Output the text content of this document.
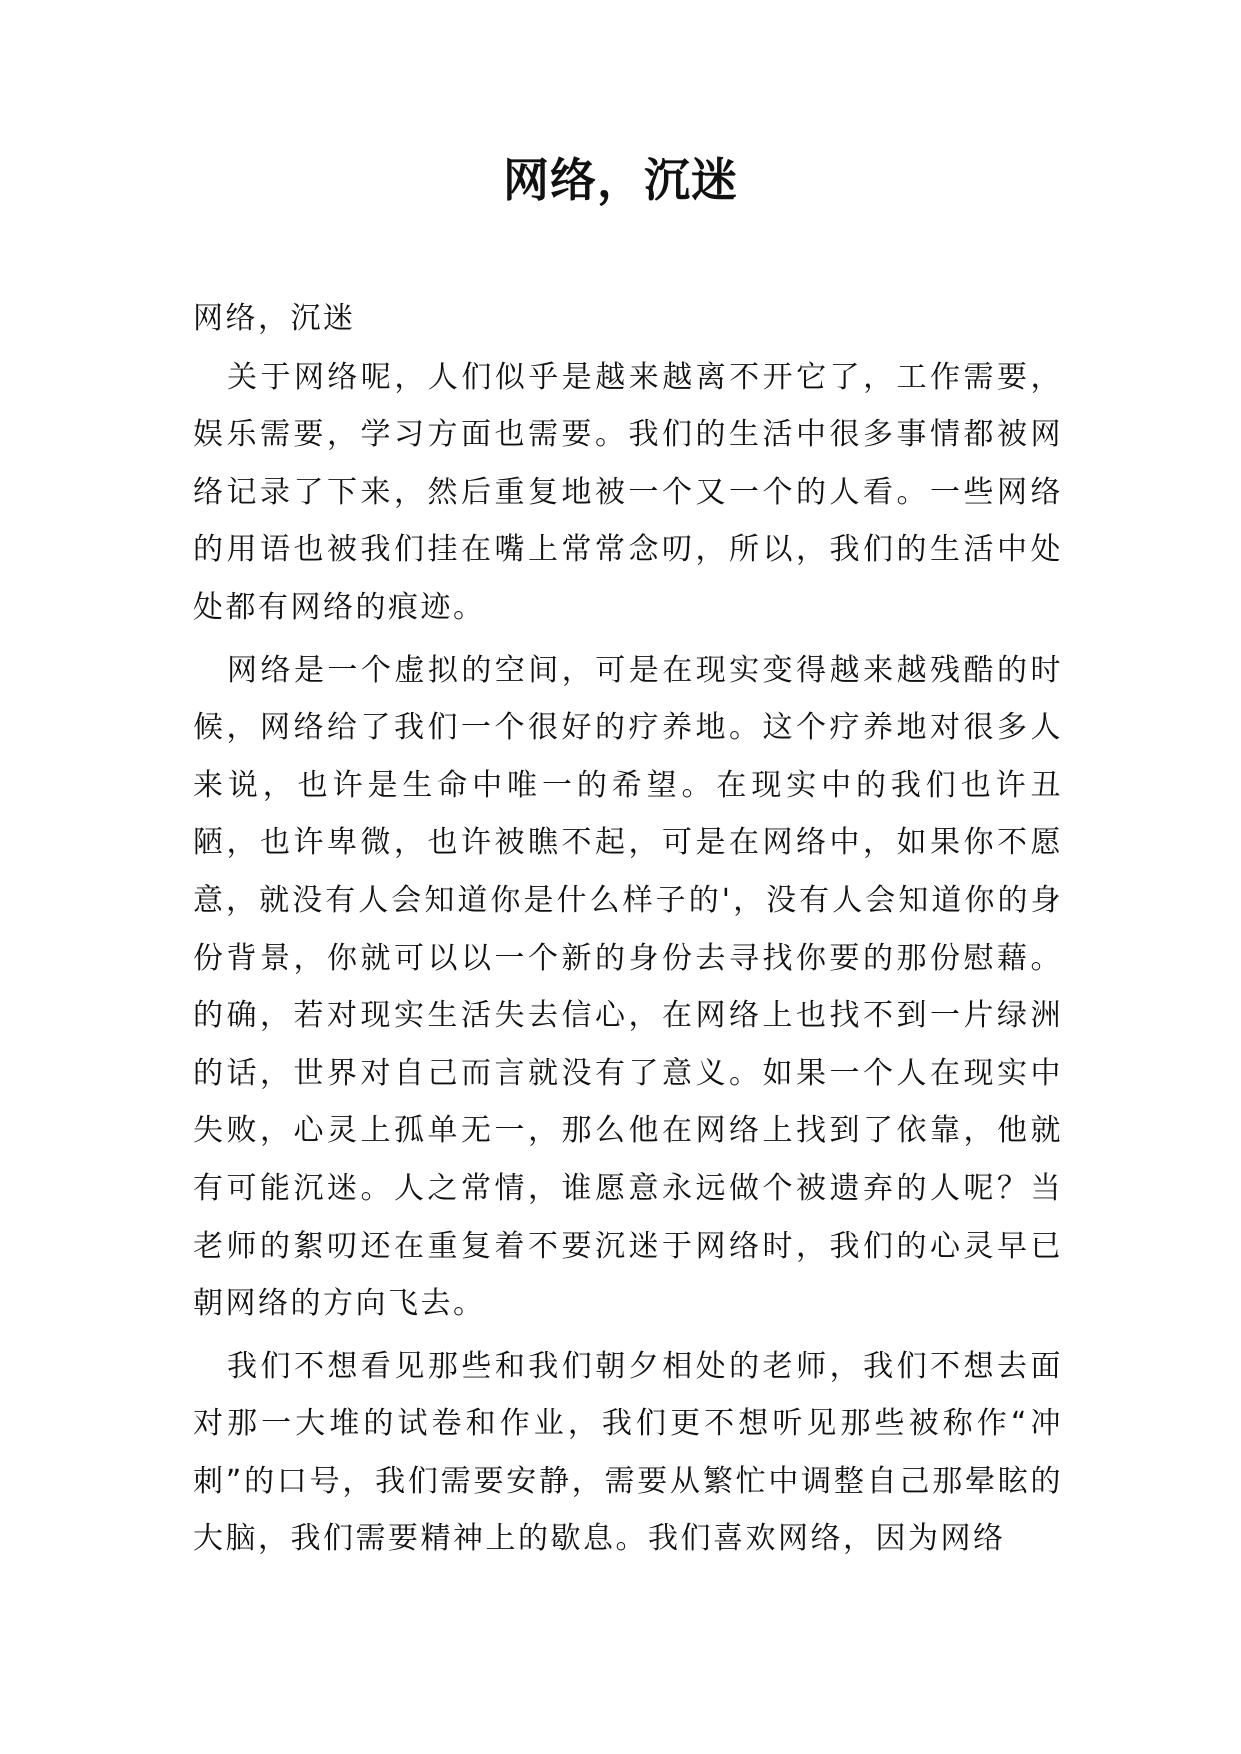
网络，沉迷

网络，沉迷

关于网络呢，人们似乎是越来越离不开它了，工作需要，娱乐需要，学习方面也需要。我们的生活中很多事情都被网络记录了下来，然后重复地被一个又一个的人看。一些网络的用语也被我们挂在嘴上常常念叨，所以，我们的生活中处处都有网络的痕迹。

网络是一个虚拟的空间，可是在现实变得越来越残酷的时候，网络给了我们一个很好的疗养地。这个疗养地对很多人来说，也许是生命中唯一的希望。在现实中的我们也许丑陋，也许卑微，也许被瞧不起，可是在网络中，如果你不愿意，就没有人会知道你是什么样子的'，没有人会知道你的身份背景，你就可以以一个新的身份去寻找你要的那份慰藉。的确，若对现实生活失去信心，在网络上也找不到一片绿洲的话，世界对自己而言就没有了意义。如果一个人在现实中失败，心灵上孤单无一，那么他在网络上找到了依靠，他就有可能沉迷。人之常情，谁愿意永远做个被遗弃的人呢？当老师的絮叨还在重复着不要沉迷于网络时，我们的心灵早已朝网络的方向飞去。

我们不想看见那些和我们朝夕相处的老师，我们不想去面对那一大堆的试卷和作业，我们更不想听见那些被称作“冲刺”的口号，我们需要安静，需要从繁忙中调整自己那晕眩的大脑，我们需要精神上的歇息。我们喜欢网络，因为网络
